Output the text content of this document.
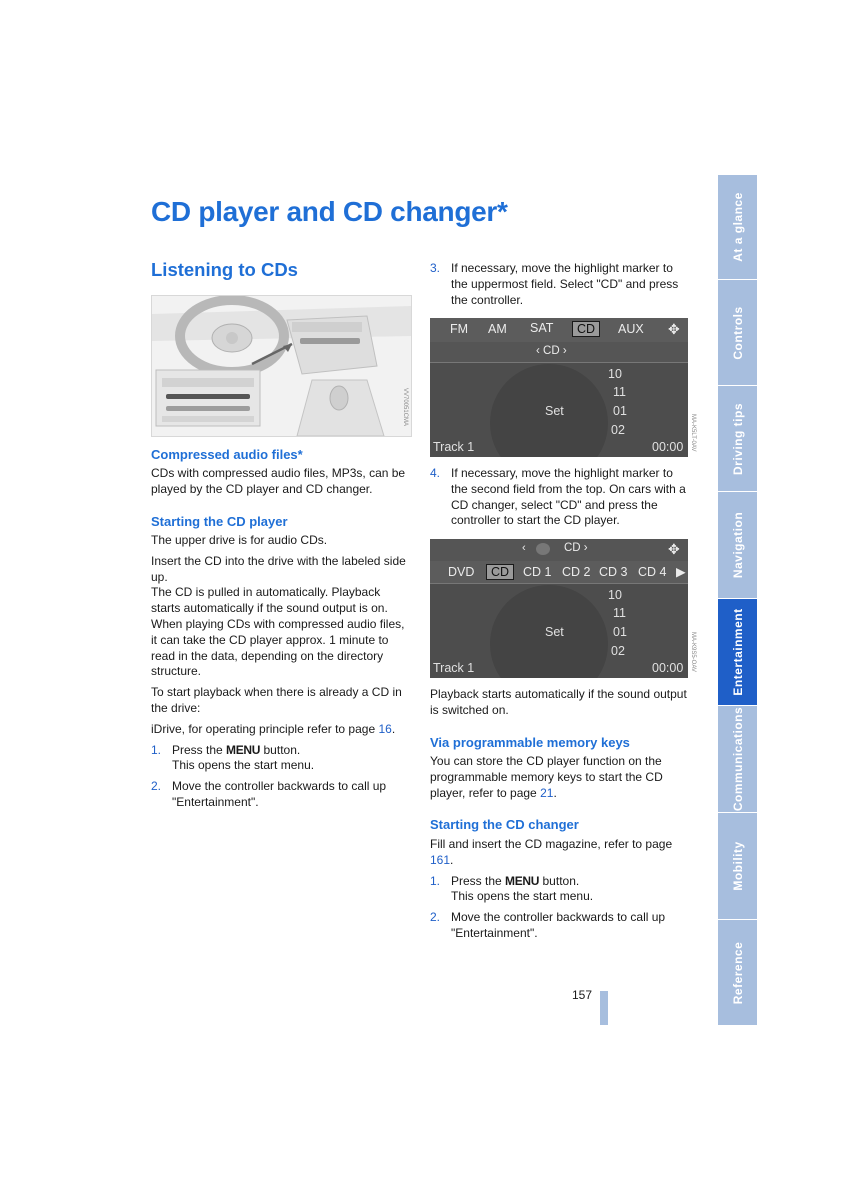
CD player and CD changer*
Listening to CDs
VV70051CMA
Compressed audio files*

CDs with compressed audio files, MP3s, can be played by the CD player and CD changer.

Starting the CD player

The upper drive is for audio CDs.

Insert the CD into the drive with the labeled side up.

The CD is pulled in automatically. Playback starts automatically if the sound output is on. When playing CDs with compressed audio files, it can take the CD player approx. 1 minute to read in the data, depending on the directory structure.

To start playback when there is already a CD in the drive:

iDrive, for operating principle refer to page 16.

1. Press the MENU button.
This opens the start menu.
2. Move the controller backwards to call up "Entertainment".
3. If necessary, move the highlight marker to the uppermost field. Select "CD" and press the controller.
FM AM SAT	CD	AUX ✥
‹ CD ›
Set
10
11
01
02
Track 1	00:00 MA-K5LT-0AV
4. If necessary, move the highlight marker to the second field from the top. On cars with a CD changer, select "CD" and press the controller to start the CD player.
‹	CD ›	✥
DVD	CD	CD 1 CD 2 CD 3 CD 4 ▶
Set
10
11
01
02
Track 1	00:00 MA-K9S5-OAV

Playback starts automatically if the sound output is switched on.

Via programmable memory keys

You can store the CD player function on the programmable memory keys to start the CD player, refer to page 21.

Starting the CD changer

Fill and insert the CD magazine, refer to page 161.

1. Press the MENU button.
This opens the start menu.
2. Move the controller backwards to call up "Entertainment".
At a glance
Controls
Driving tips
Navigation
Entertainment
Communications
Mobility
Reference
157
